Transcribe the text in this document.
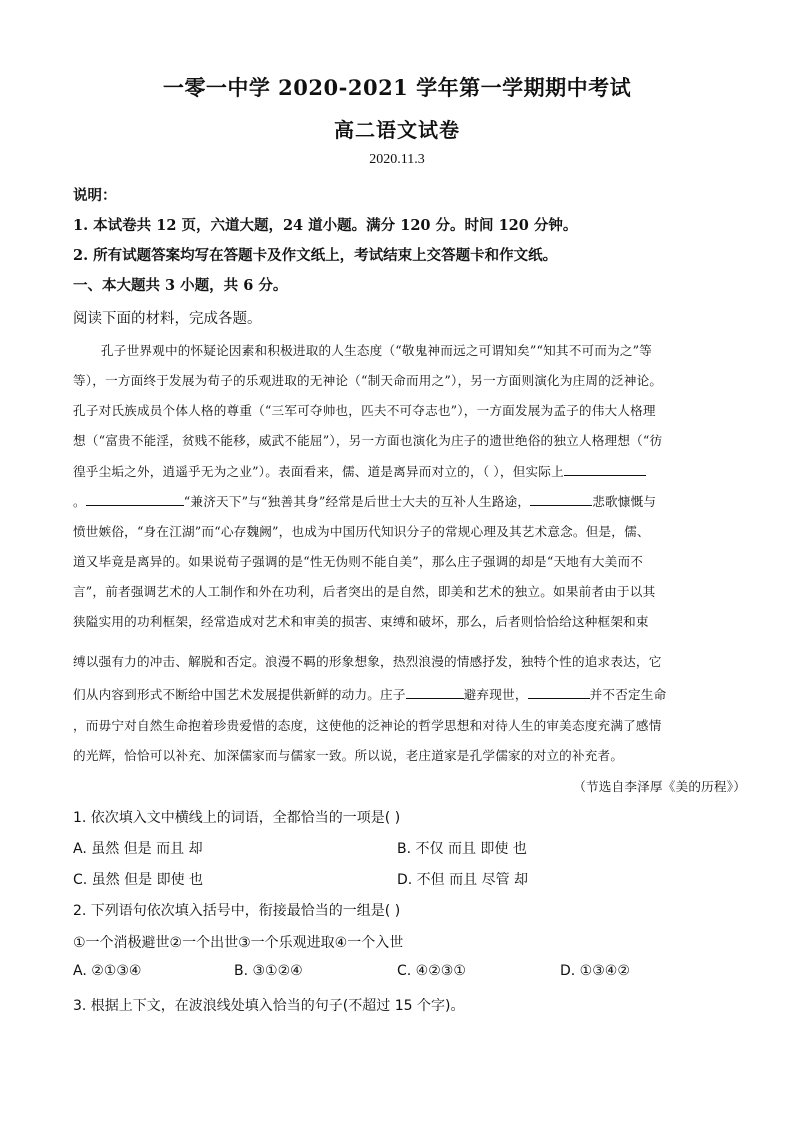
一零一中学 2020-2021 学年第一学期期中考试
高二语文试卷
2020.11.3
说明：
1. 本试卷共 12 页，六道大题，24 道小题。满分 120 分。时间 120 分钟。
2. 所有试题答案均写在答题卡及作文纸上，考试结束上交答题卡和作文纸。
一、本大题共 3 小题，共 6 分。
阅读下面的材料，完成各题。
孔子世界观中的怀疑论因素和积极进取的人生态度（“敬鬼神而远之可谓知矣”“知其不可而为之”等
等），一方面终于发展为荀子的乐观进取的无神论（“制天命而用之”），另一方面则演化为庄周的泛神论。
孔子对氏族成员个体人格的尊重（“三军可夺帅也，匹夫不可夺志也”），一方面发展为孟子的伟大人格理
想（“富贵不能淫，贫贱不能移，威武不能屈”），另一方面也演化为庄子的遗世绝俗的独立人格理想（“彷
徨乎尘垢之外，逍遥乎无为之业”）。表面看来，儒、道是离异而对立的，（ ），但实际上
。	“兼济天下”与“独善其身”经常是后世士大夫的互补人生路途，	悲歌慷慨与
愤世嫉俗，“身在江湖”而“心存魏阙”，也成为中国历代知识分子的常规心理及其艺术意念。但是，儒、
道又毕竟是离异的。如果说荀子强调的是“性无伪则不能自美”，那么庄子强调的却是“天地有大美而不
言”，前者强调艺术的人工制作和外在功利，后者突出的是自然，即美和艺术的独立。如果前者由于以其
狭隘实用的功利框架，经常造成对艺术和审美的损害、束缚和破坏，那么，后者则恰恰给这种框架和束
缚以强有力的冲击、解脱和否定。浪漫不羁的形象想象，热烈浪漫的情感抒发，独特个性的追求表达，它
们从内容到形式不断给中国艺术发展提供新鲜的动力。庄子	避弃现世，	并不否定生命
，而毋宁对自然生命抱着珍贵爱惜的态度，这使他的泛神论的哲学思想和对待人生的审美态度充满了感情
的光辉，恰恰可以补充、加深儒家而与儒家一致。所以说，老庄道家是孔学儒家的对立的补充者。
（节选自李泽厚《美的历程》）
1. 依次填入文中横线上的词语，全都恰当的一项是( )
A. 虽然 但是 而且 却	B. 不仅 而且 即使 也
C. 虽然 但是 即使 也	D. 不但 而且 尽管 却
2. 下列语句依次填入括号中，衔接最恰当的一组是( )
①一个消极避世②一个出世③一个乐观进取④一个入世
A. ②①③④	B. ③①②④	C. ④②③①	D. ①③④②
3. 根据上下文，在波浪线处填入恰当的句子(不超过 15 个字)。
